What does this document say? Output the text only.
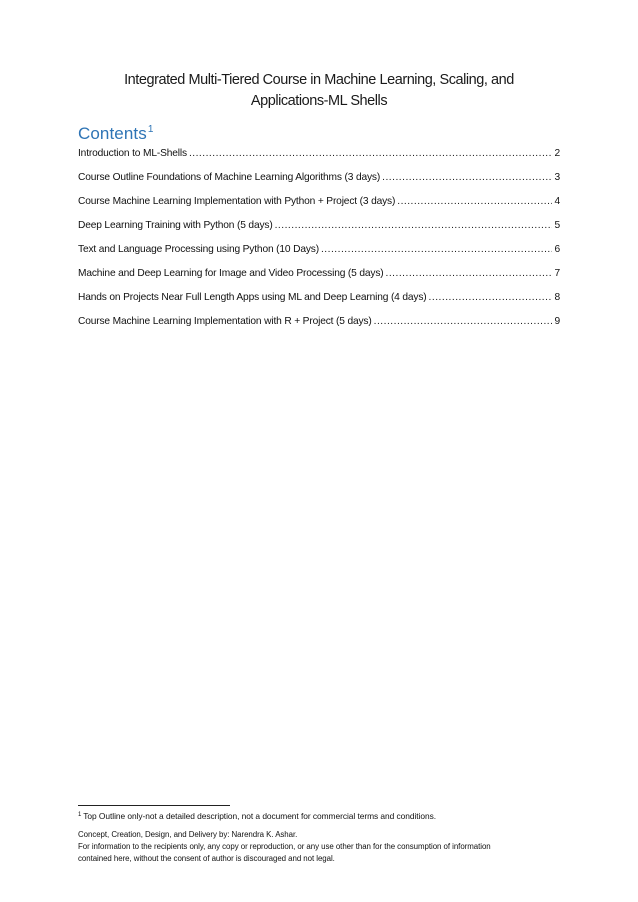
Integrated Multi-Tiered Course in Machine Learning, Scaling, and
Applications-ML Shells
Contents$^1$
Introduction to ML-Shells .....	2
Course Outline Foundations of Machine Learning Algorithms (3 days) .....	3
Course Machine Learning Implementation with Python + Project (3 days) .....	4
Deep Learning Training with Python (5 days) .....	5
Text and Language Processing using Python (10 Days) .....	6
Machine and Deep Learning for Image and Video Processing (5 days) .....	7
Hands on Projects Near Full Length Apps using ML and Deep Learning (4 days) .....	8
Course Machine Learning Implementation with R + Project (5 days) .....	9
$^1$ Top Outline only-not a detailed description, not a document for commercial terms and conditions.
Concept, Creation, Design, and Delivery by: Narendra K. Ashar.
For information to the recipients only, any copy or reproduction, or any use other than for the consumption of information
contained here, without the consent of author is discouraged and not legal.
